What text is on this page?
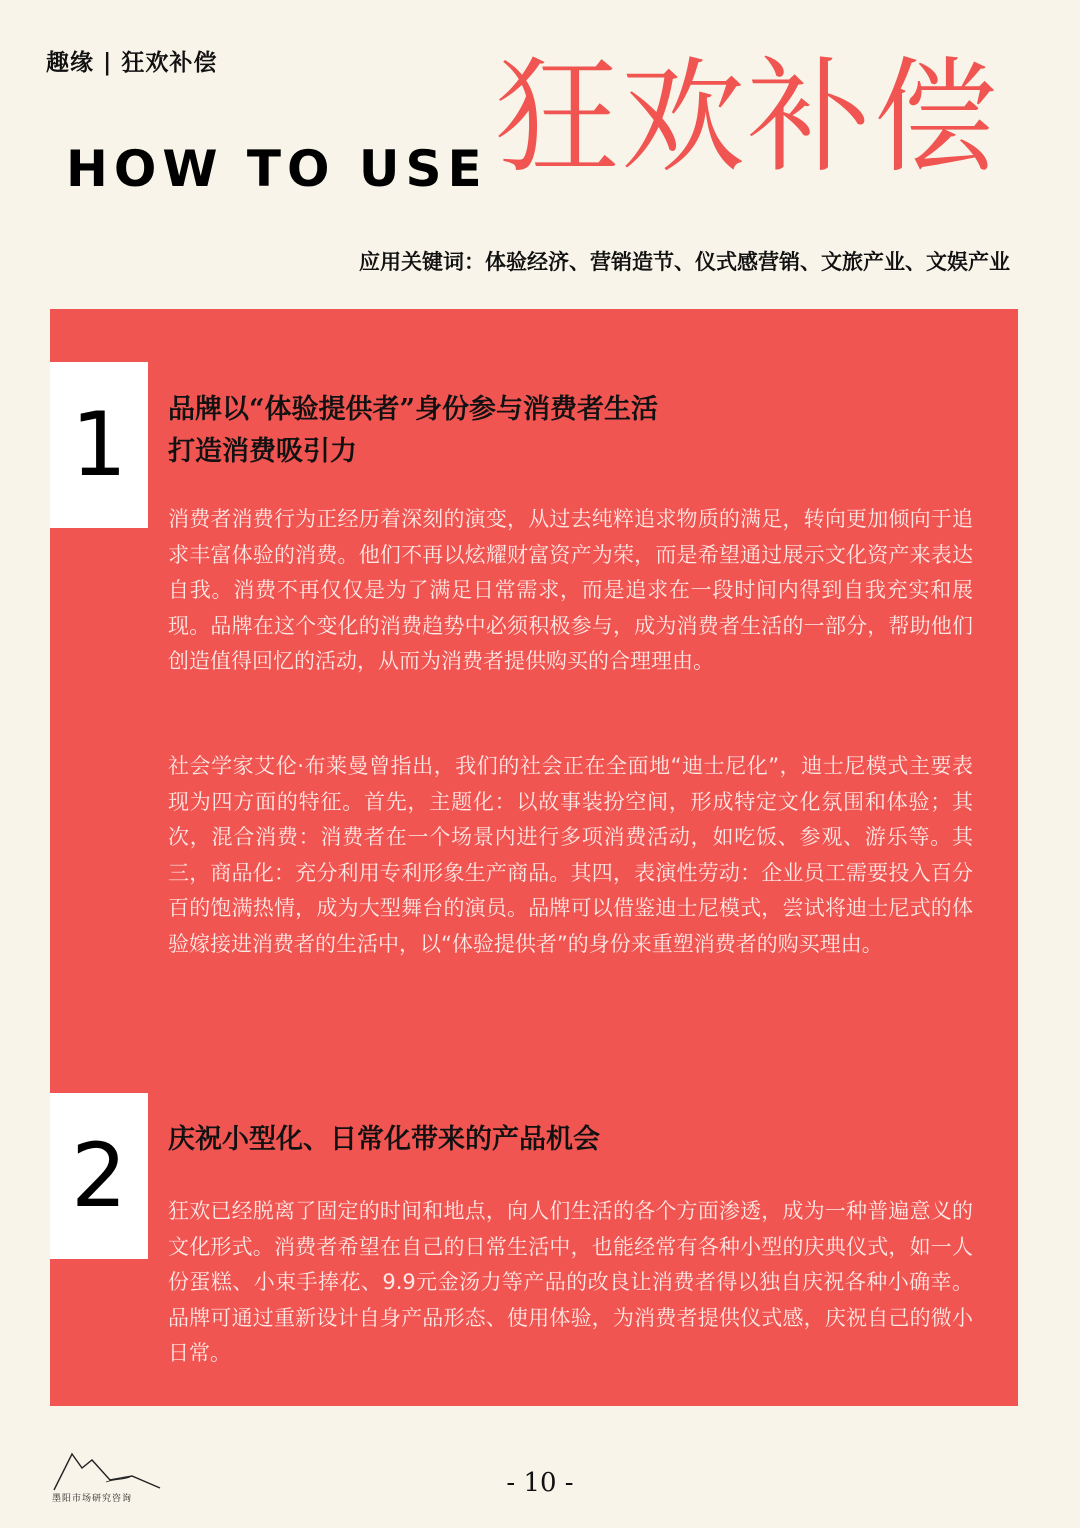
趣缘 | 狂欢补偿 狂欢补偿
HOW TO USE
应用关键词：体验经济、营销造节、仪式感营销、文旅产业、文娱产业
1	品牌以“体验提供者”身份参与消费者生活
打造消费吸引力

消费者消费行为正经历着深刻的演变，从过去纯粹追求物质的满足，转向更加倾向于追求丰富体验的消费。他们不再以炫耀财富资产为荣，而是希望通过展示文化资产来表达自我。消费不再仅仅是为了满足日常需求，而是追求在一段时间内得到自我充实和展现。品牌在这个变化的消费趋势中必须积极参与，成为消费者生活的一部分，帮助他们创造值得回忆的活动，从而为消费者提供购买的合理理由。

社会学家艾伦·布莱曼曾指出，我们的社会正在全面地“迪士尼化”，迪士尼模式主要表现为四方面的特征。首先，主题化：以故事装扮空间，形成特定文化氛围和体验；其次，混合消费：消费者在一个场景内进行多项消费活动，如吃饭、参观、游乐等。其三，商品化：充分利用专利形象生产商品。其四，表演性劳动：企业员工需要投入百分百的饱满热情，成为大型舞台的演员。品牌可以借鉴迪士尼模式，尝试将迪士尼式的体验嫁接进消费者的生活中，以“体验提供者”的身份来重塑消费者的购买理由。

2	庆祝小型化、日常化带来的产品机会

狂欢已经脱离了固定的时间和地点，向人们生活的各个方面渗透，成为一种普遍意义的文化形式。消费者希望在自己的日常生活中，也能经常有各种小型的庆典仪式，如一人份蛋糕、小束手捧花、9.9元金汤力等产品的改良让消费者得以独自庆祝各种小确幸。品牌可通过重新设计自身产品形态、使用体验，为消费者提供仪式感，庆祝自己的微小日常。

墨阳市场研究咨询
- 10 -
